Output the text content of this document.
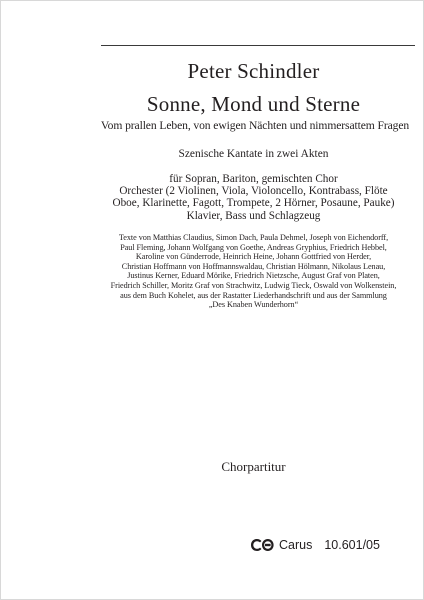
Peter Schindler
Sonne, Mond und Sterne
Vom prallen Leben, von ewigen Nächten und nimmersattem Fragen
Szenische Kantate in zwei Akten
für Sopran, Bariton, gemischten Chor
Orchester (2 Violinen, Viola, Violoncello, Kontrabass, Flöte
Oboe, Klarinette, Fagott, Trompete, 2 Hörner, Posaune, Pauke)
Klavier, Bass und Schlagzeug
Texte von Matthias Claudius, Simon Dach, Paula Dehmel, Joseph von Eichendorff,
Paul Fleming, Johann Wolfgang von Goethe, Andreas Gryphius, Friedrich Hebbel,
Karoline von Günderrode, Heinrich Heine, Johann Gottfried von Herder,
Christian Hoffmann von Hoffmannswaldau, Christian Hölmann, Nikolaus Lenau,
Justinus Kerner, Eduard Mörike, Friedrich Nietzsche, August Graf von Platen,
Friedrich Schiller, Moritz Graf von Strachwitz, Ludwig Tieck, Oswald von Wolkenstein,
aus dem Buch Kohelet, aus der Rastatter Liederhandschrift und aus der Sammlung
„Des Knaben Wunderhorn“
Chorpartitur
Carus 10.601/05
